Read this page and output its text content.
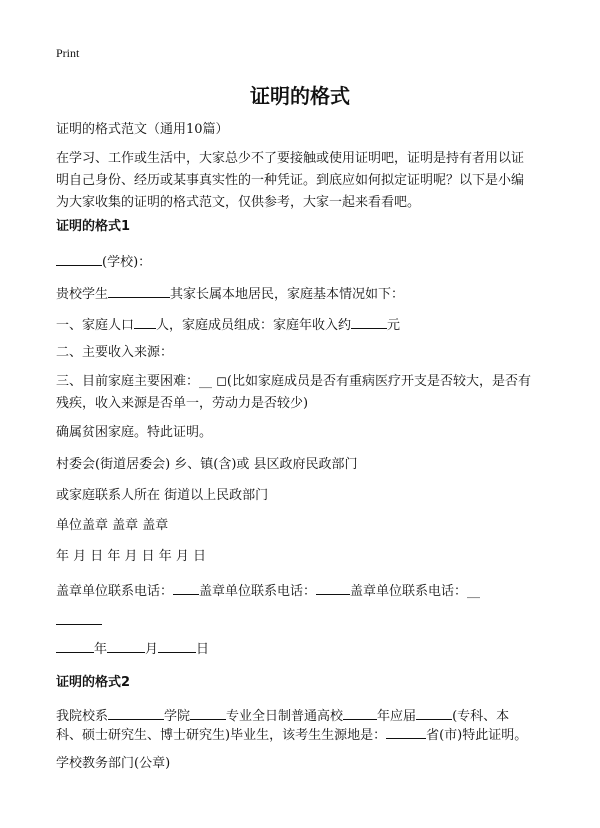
Print
证明的格式
证明的格式范文（通用10篇）
在学习、工作或生活中，大家总少不了要接触或使用证明吧，证明是持有者用以证
明自己身份、经历或某事真实性的一种凭证。到底应如何拟定证明呢？以下是小编
为大家收集的证明的格式范文，仅供参考，大家一起来看看吧。
证明的格式1
(学校)：
贵校学生	其家长属本地居民，家庭基本情况如下：
一、家庭人口 人，家庭成员组成：家庭年收入约	元
二、主要收入来源：
三、目前家庭主要困难：__ ◻(比如家庭成员是否有重病医疗开支是否较大，是否有
残疾，收入来源是否单一，劳动力是否较少)
确属贫困家庭。特此证明。
村委会(街道居委会) 乡、镇(含)或 县区政府民政部门
或家庭联系人所在 街道以上民政部门
单位盖章 盖章 盖章
年 月 日 年 月 日 年 月 日
盖章单位联系电话： 盖章单位联系电话：	盖章单位联系电话：__
年	月	日
证明的格式2
我院校系	学院	专业全日制普通高校	年应届	(专科、本
科、硕士研究生、博士研究生)毕业生，该考生生源地是：	省(市)特此证明。
学校教务部门(公章)
